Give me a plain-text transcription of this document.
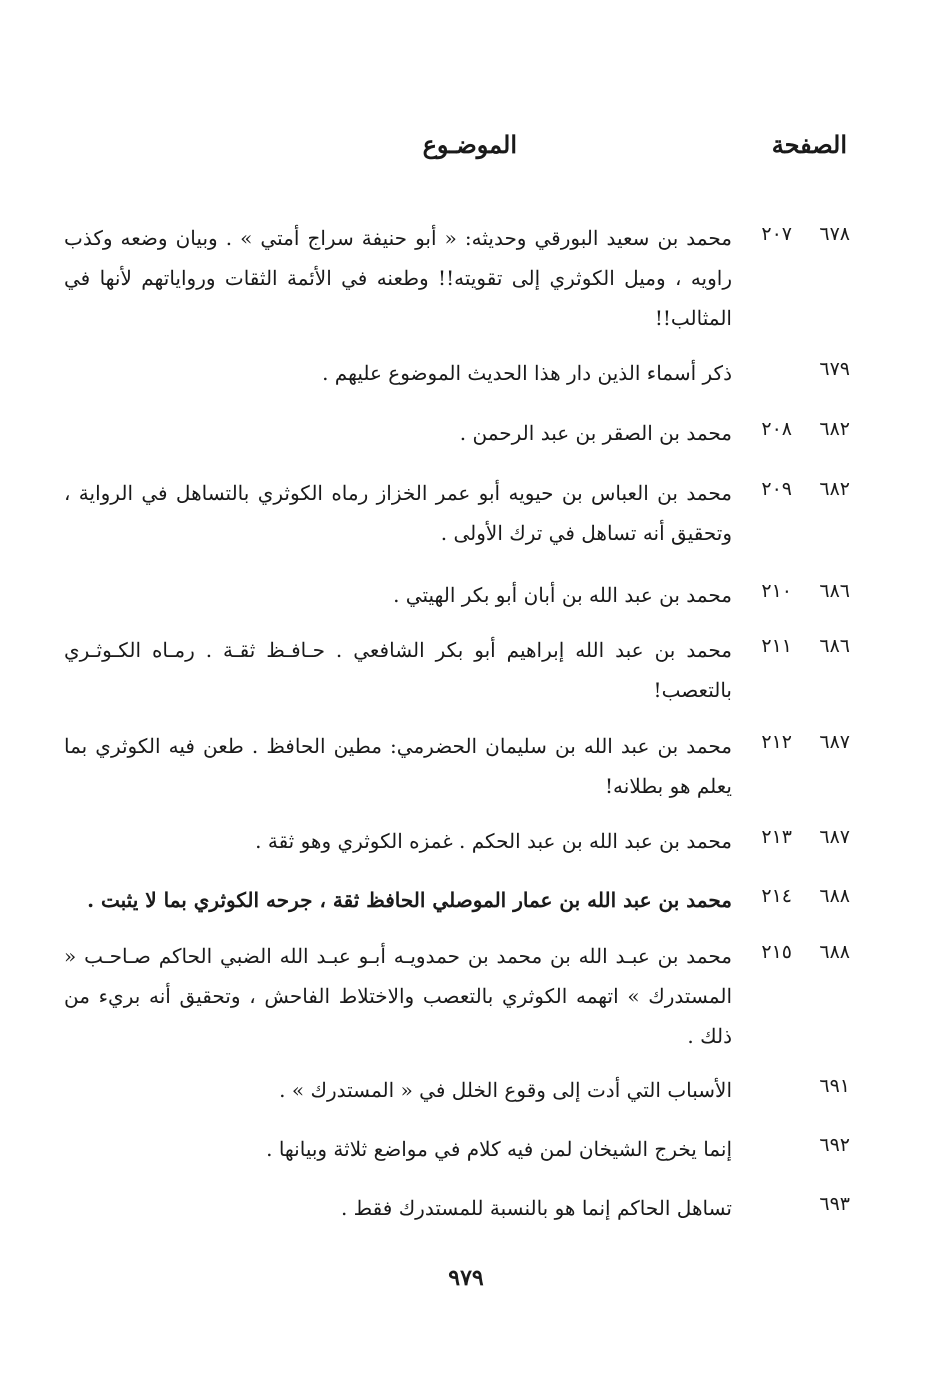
الصفحة
الموضـوع
٦٧٨
٢٠٧
محمد بن سعيد البورقي وحديثه: « أبو حنيفة سراج أمتي » . وبيان وضعه وكذب راويه ، وميل الكوثري إلى تقويته!! وطعنه في الأئمة الثقات ورواياتهم لأنها في المثالب!!
٦٧٩
ذكر أسماء الذين دار هذا الحديث الموضوع عليهم .
٦٨٢
٢٠٨
محمد بن الصقر بن عبد الرحمن .
٦٨٢
٢٠٩
محمد بن العباس بن حيويه أبو عمر الخزاز رماه الكوثري بالتساهل في الرواية ، وتحقيق أنه تساهل في ترك الأولى .
٦٨٦
٢١٠
محمد بن عبد الله بن أبان أبو بكر الهيتي .
٦٨٦
٢١١
محمد بن عبد الله إبراهيم أبو بكر الشافعي . حـافـظ ثقـة . رمـاه الكـوثـري بالتعصب!
٦٨٧
٢١٢
محمد بن عبد الله بن سليمان الحضرمي: مطين الحافظ . طعن فيه الكوثري بما يعلم هو بطلانه!
٦٨٧
٢١٣
محمد بن عبد الله بن عبد الحكم . غمزه الكوثري وهو ثقة .
٦٨٨
٢١٤
محمد بن عبد الله بن عمار الموصلي الحافظ ثقة ، جرحه الكوثري بما لا يثبت .
٦٨٨
٢١٥
محمد بن عبـد الله بن محمد بن حمدويـه أبـو عبـد الله الضبي الحاكم صـاحـب « المستدرك » اتهمه الكوثري بالتعصب والاختلاط الفاحش ، وتحقيق أنه بريء من ذلك .
٦٩١
الأسباب التي أدت إلى وقوع الخلل في « المستدرك » .
٦٩٢
إنما يخرج الشيخان لمن فيه كلام في مواضع ثلاثة وبيانها .
٦٩٣
تساهل الحاكم إنما هو بالنسبة للمستدرك فقط .
٩٧٩
